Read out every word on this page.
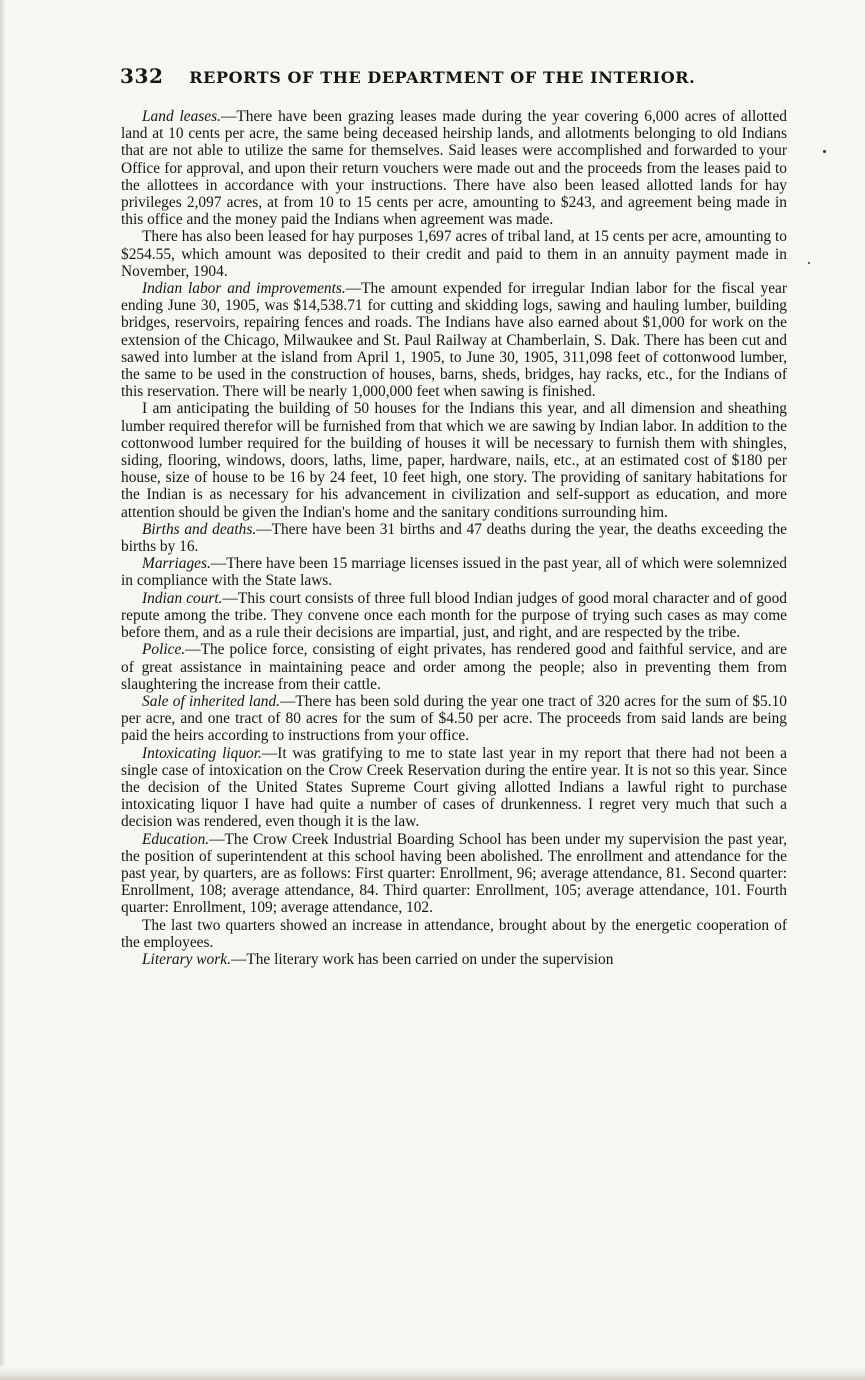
332 REPORTS OF THE DEPARTMENT OF THE INTERIOR.

Land leases.—There have been grazing leases made during the year covering 6,000 acres of allotted land at 10 cents per acre, the same being deceased heirship lands, and allotments belonging to old Indians that are not able to utilize the same for themselves. Said leases were accomplished and forwarded to your Office for approval, and upon their return vouchers were made out and the proceeds from the leases paid to the allottees in accordance with your instructions. There have also been leased allotted lands for hay privileges 2,097 acres, at from 10 to 15 cents per acre, amounting to $243, and agreement being made in this office and the money paid the Indians when agreement was made.

There has also been leased for hay purposes 1,697 acres of tribal land, at 15 cents per acre, amounting to $254.55, which amount was deposited to their credit and paid to them in an annuity payment made in November, 1904.

Indian labor and improvements.—The amount expended for irregular Indian labor for the fiscal year ending June 30, 1905, was $14,538.71 for cutting and skidding logs, sawing and hauling lumber, building bridges, reservoirs, repairing fences and roads. The Indians have also earned about $1,000 for work on the extension of the Chicago, Milwaukee and St. Paul Railway at Chamberlain, S. Dak. There has been cut and sawed into lumber at the island from April 1, 1905, to June 30, 1905, 311,098 feet of cottonwood lumber, the same to be used in the construction of houses, barns, sheds, bridges, hay racks, etc., for the Indians of this reservation. There will be nearly 1,000,000 feet when sawing is finished.

I am anticipating the building of 50 houses for the Indians this year, and all dimension and sheathing lumber required therefor will be furnished from that which we are sawing by Indian labor. In addition to the cottonwood lumber required for the building of houses it will be necessary to furnish them with shingles, siding, flooring, windows, doors, laths, lime, paper, hardware, nails, etc., at an estimated cost of $180 per house, size of house to be 16 by 24 feet, 10 feet high, one story. The providing of sanitary habitations for the Indian is as necessary for his advancement in civilization and self-support as education, and more attention should be given the Indian's home and the sanitary conditions surrounding him.

Births and deaths.—There have been 31 births and 47 deaths during the year, the deaths exceeding the births by 16.

Marriages.—There have been 15 marriage licenses issued in the past year, all of which were solemnized in compliance with the State laws.

Indian court.—This court consists of three full blood Indian judges of good moral character and of good repute among the tribe. They convene once each month for the purpose of trying such cases as may come before them, and as a rule their decisions are impartial, just, and right, and are respected by the tribe.

Police.—The police force, consisting of eight privates, has rendered good and faithful service, and are of great assistance in maintaining peace and order among the people; also in preventing them from slaughtering the increase from their cattle.

Sale of inherited land.—There has been sold during the year one tract of 320 acres for the sum of $5.10 per acre, and one tract of 80 acres for the sum of $4.50 per acre. The proceeds from said lands are being paid the heirs according to instructions from your office.

Intoxicating liquor.—It was gratifying to me to state last year in my report that there had not been a single case of intoxication on the Crow Creek Reservation during the entire year. It is not so this year. Since the decision of the United States Supreme Court giving allotted Indians a lawful right to purchase intoxicating liquor I have had quite a number of cases of drunkenness. I regret very much that such a decision was rendered, even though it is the law.

Education.—The Crow Creek Industrial Boarding School has been under my supervision the past year, the position of superintendent at this school having been abolished. The enrollment and attendance for the past year, by quarters, are as follows: First quarter: Enrollment, 96; average attendance, 81. Second quarter: Enrollment, 108; average attendance, 84. Third quarter: Enrollment, 105; average attendance, 101. Fourth quarter: Enrollment, 109; average attendance, 102.

The last two quarters showed an increase in attendance, brought about by the energetic cooperation of the employees.

Literary work.—The literary work has been carried on under the supervision
